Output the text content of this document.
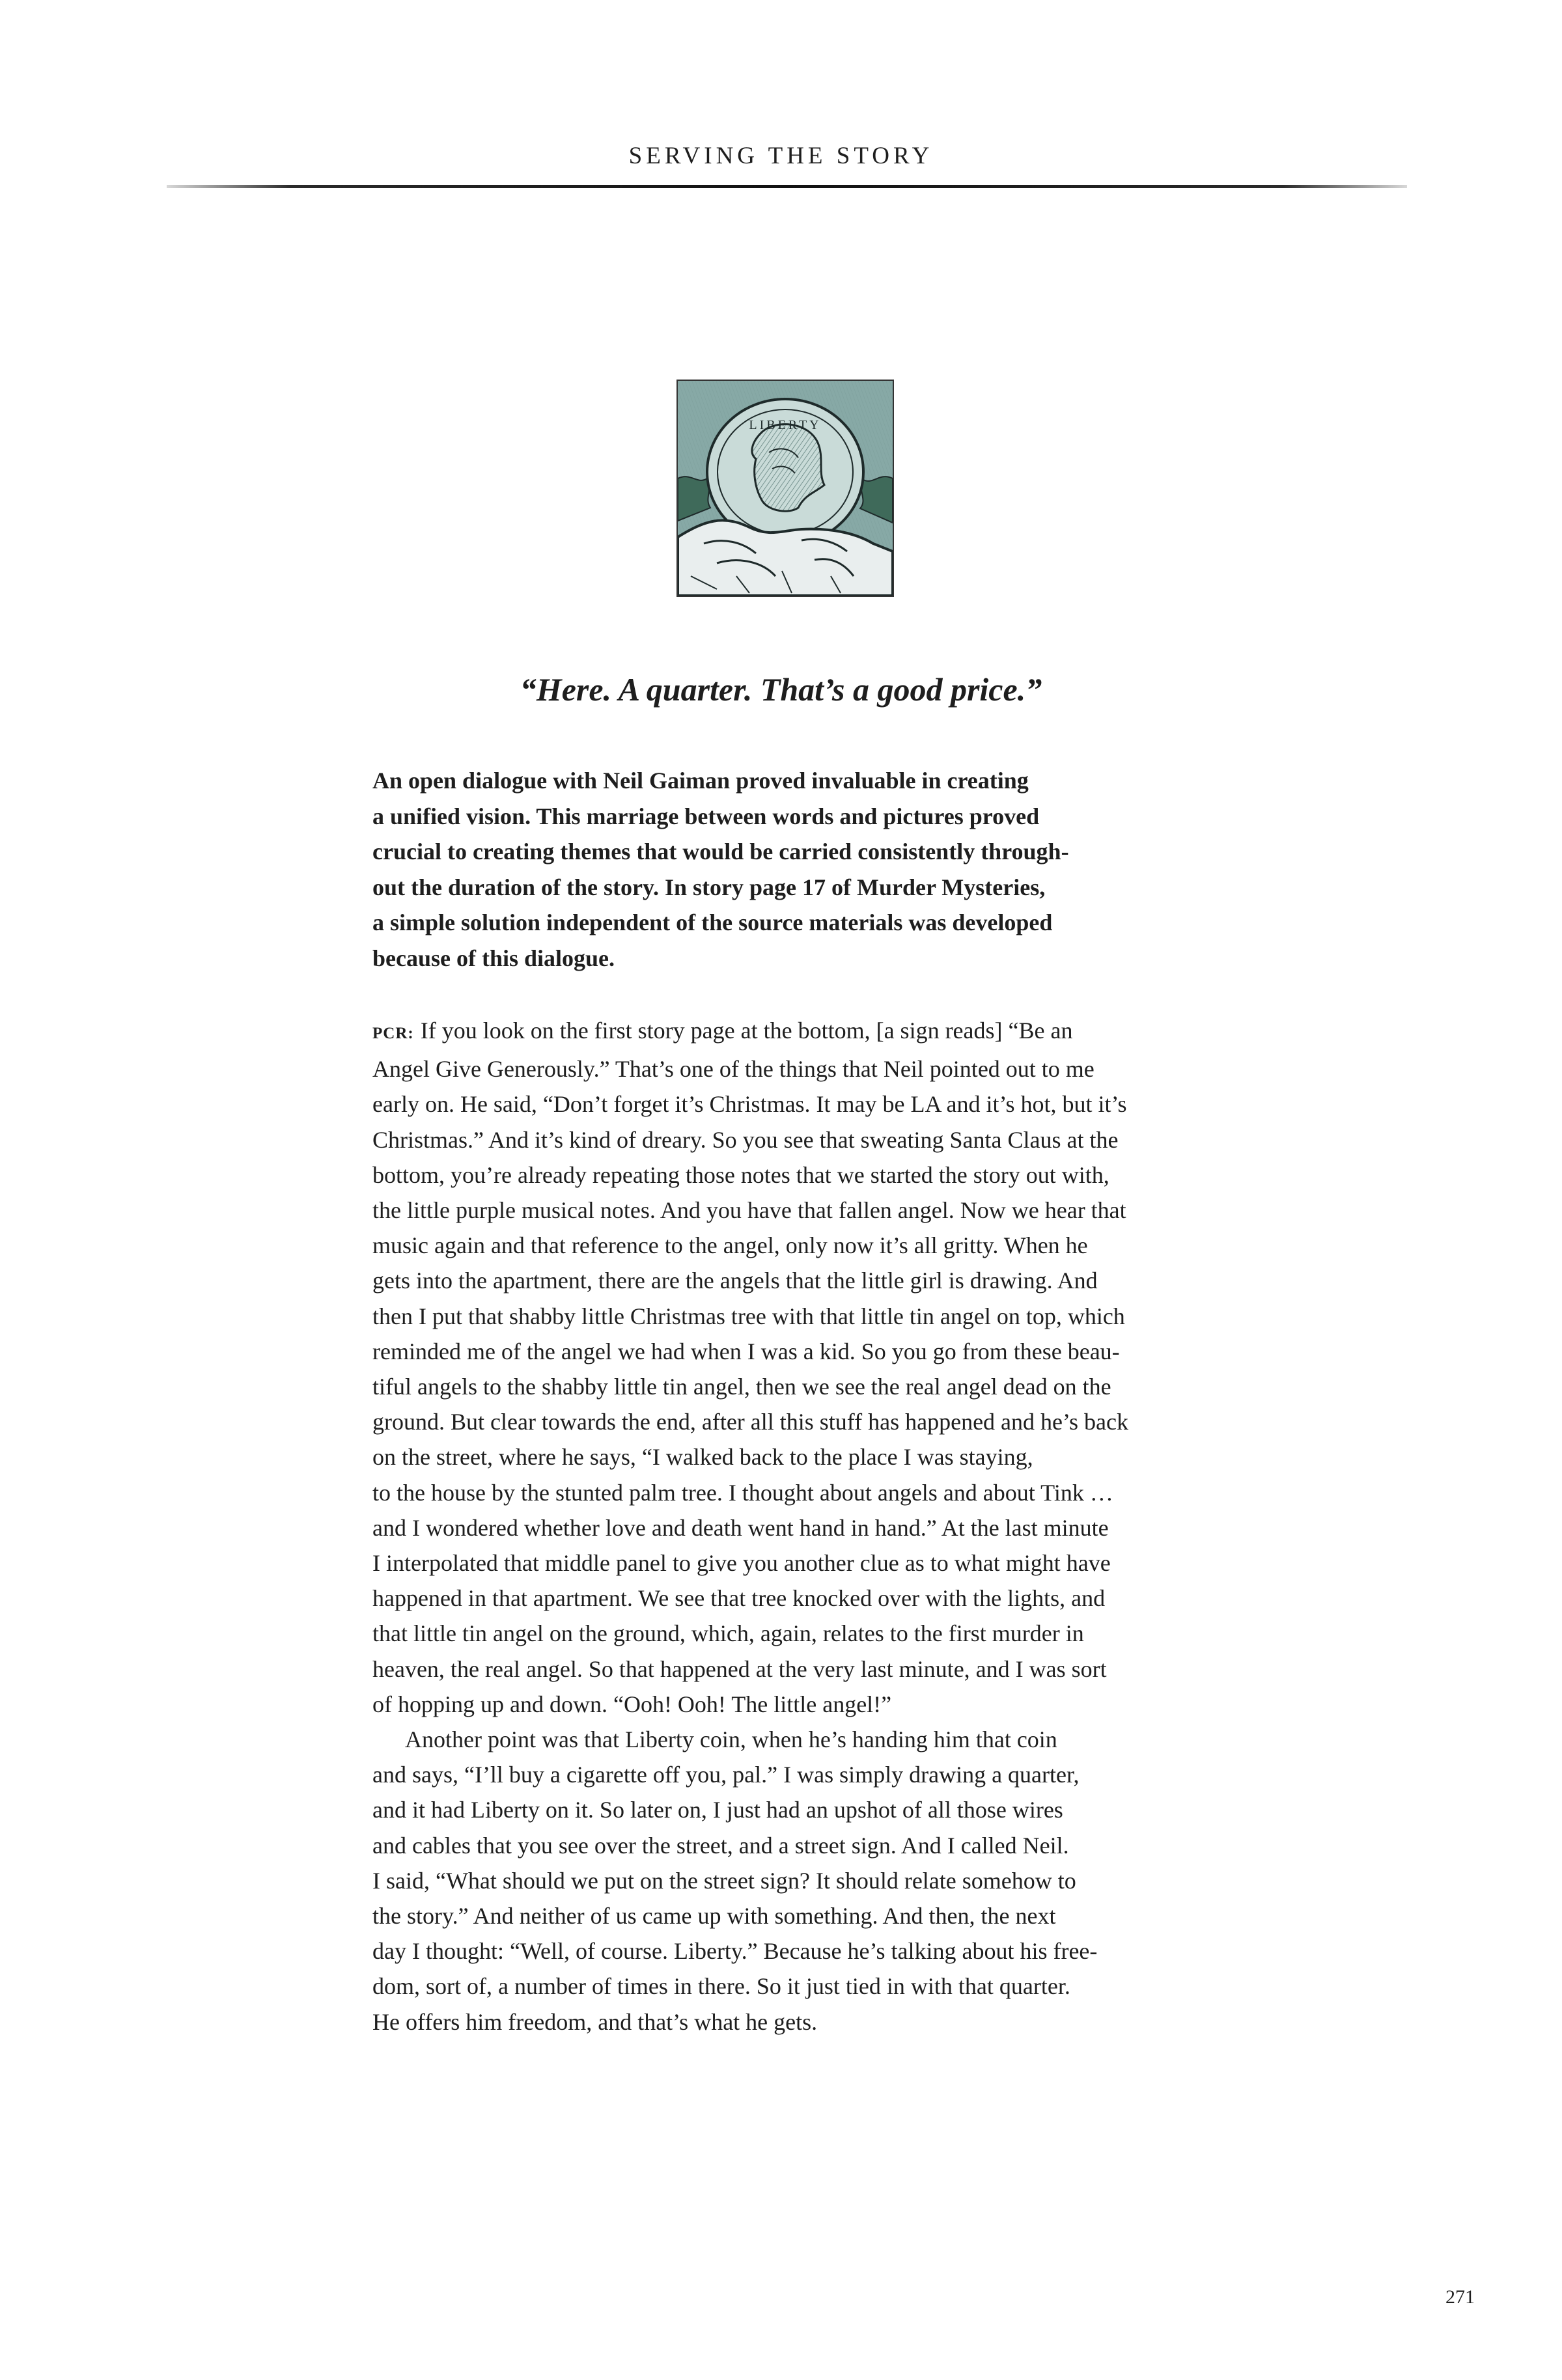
SERVING THE STORY
LIBERTY
“Here. A quarter. That’s a good price.”
An open dialogue with Neil Gaiman proved invaluable in creating
a unified vision. This marriage between words and pictures proved
crucial to creating themes that would be carried consistently through-
out the duration of the story. In story page 17 of Murder Mysteries,
a simple solution independent of the source materials was developed
because of this dialogue.
PCR: If you look on the first story page at the bottom, [a sign reads] “Be an
Angel Give Generously.” That’s one of the things that Neil pointed out to me
early on. He said, “Don’t forget it’s Christmas. It may be LA and it’s hot, but it’s
Christmas.” And it’s kind of dreary. So you see that sweating Santa Claus at the
bottom, you’re already repeating those notes that we started the story out with,
the little purple musical notes. And you have that fallen angel. Now we hear that
music again and that reference to the angel, only now it’s all gritty. When he
gets into the apartment, there are the angels that the little girl is drawing. And
then I put that shabby little Christmas tree with that little tin angel on top, which
reminded me of the angel we had when I was a kid. So you go from these beau-
tiful angels to the shabby little tin angel, then we see the real angel dead on the
ground. But clear towards the end, after all this stuff has happened and he’s back
on the street, where he says, “I walked back to the place I was staying,
to the house by the stunted palm tree. I thought about angels and about Tink …
and I wondered whether love and death went hand in hand.” At the last minute
I interpolated that middle panel to give you another clue as to what might have
happened in that apartment. We see that tree knocked over with the lights, and
that little tin angel on the ground, which, again, relates to the first murder in
heaven, the real angel. So that happened at the very last minute, and I was sort
of hopping up and down. “Ooh! Ooh! The little angel!”
Another point was that Liberty coin, when he’s handing him that coin
and says, “I’ll buy a cigarette off you, pal.” I was simply drawing a quarter,
and it had Liberty on it. So later on, I just had an upshot of all those wires
and cables that you see over the street, and a street sign. And I called Neil.
I said, “What should we put on the street sign? It should relate somehow to
the story.” And neither of us came up with something. And then, the next
day I thought: “Well, of course. Liberty.” Because he’s talking about his free-
dom, sort of, a number of times in there. So it just tied in with that quarter.
He offers him freedom, and that’s what he gets.
271
